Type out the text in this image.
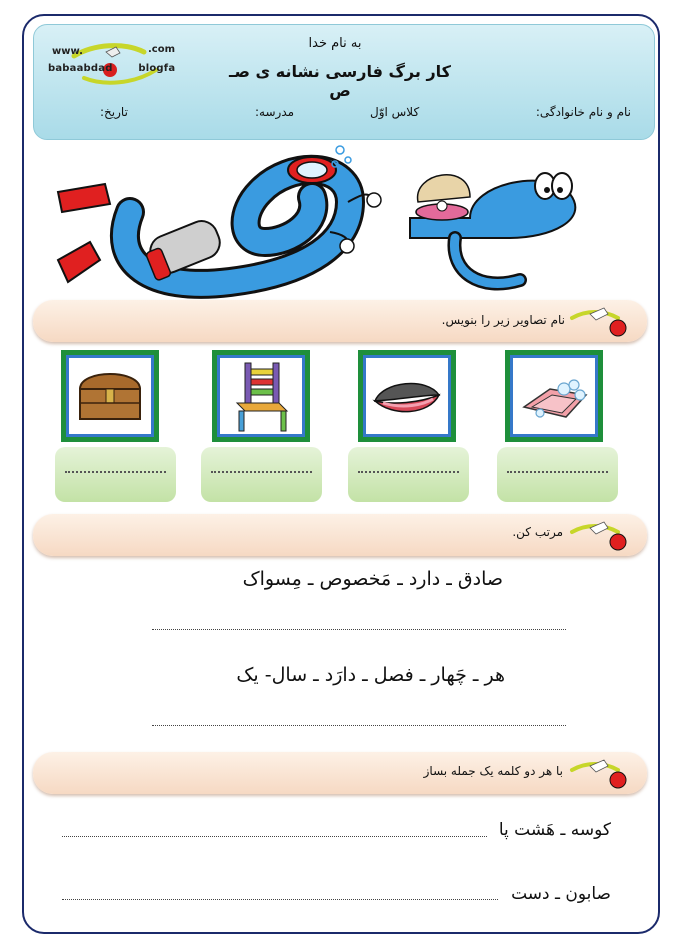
www.	.com
babaabdad	blogfa
به نام خدا
کار برگ فارسی نشانه ی صـ ص
نام و نام خانوادگی:
کلاس اوّل
مدرسه:
تاریخ:
نام تصاویر زیر را بنویس.
مرتب کن.
صادق ـ دارد ـ مَخصوص ـ مِسواک
هر ـ چَهار ـ فصل ـ دارَد ـ سال- یک
با هر دو کلمه یک جمله بساز
کوسه ـ هَشت پا
صابون ـ دست
